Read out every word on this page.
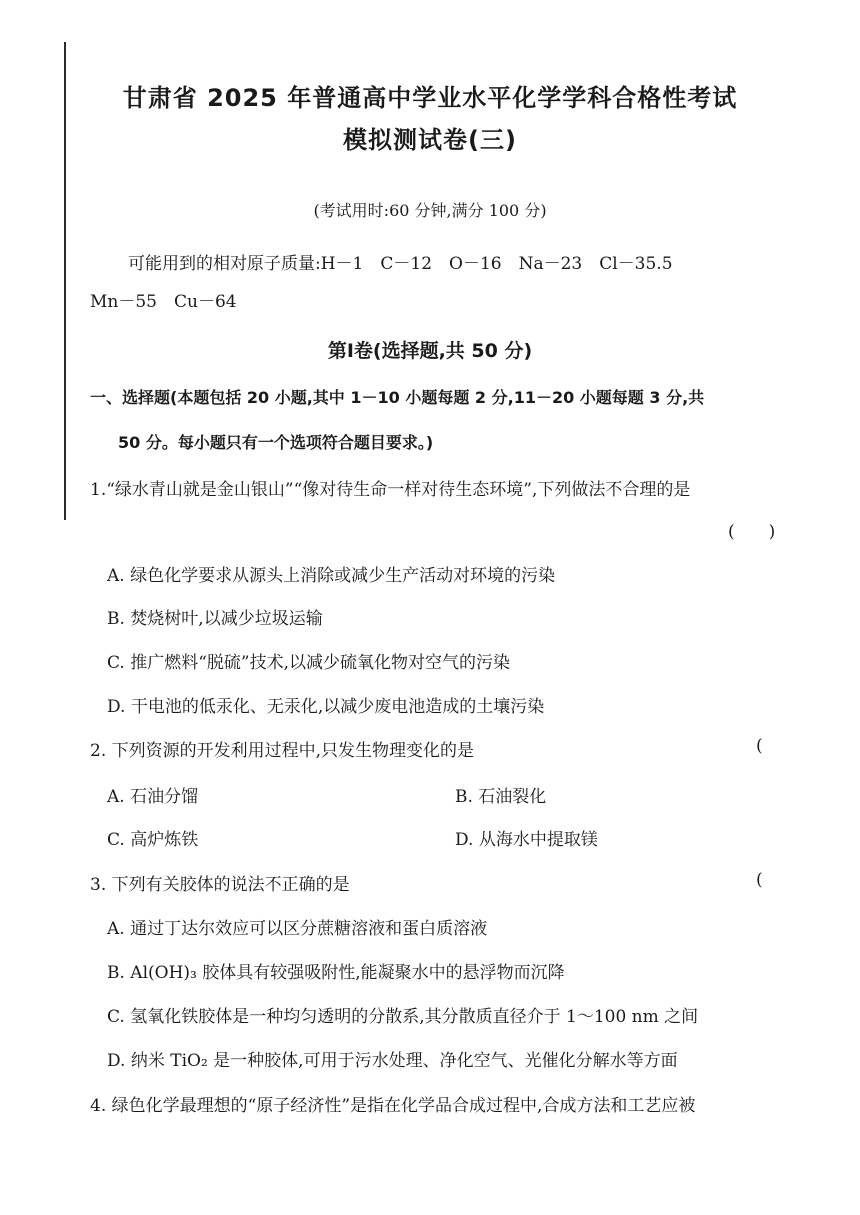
甘肃省 2025 年普通高中学业水平化学学科合格性考试
模拟测试卷(三)
(考试用时:60 分钟,满分 100 分)
可能用到的相对原子质量:H－1　C－12　O－16　Na－23　Cl－35.5
Mn－55　Cu－64
第Ⅰ卷(选择题,共 50 分)
一、选择题(本题包括 20 小题,其中 1－10 小题每题 2 分,11－20 小题每题 3 分,共
50 分。每小题只有一个选项符合题目要求。)
1.“绿水青山就是金山银山”“像对待生命一样对待生态环境”,下列做法不合理的是
(　　)
A. 绿色化学要求从源头上消除或减少生产活动对环境的污染
B. 焚烧树叶,以减少垃圾运输
C. 推广燃料“脱硫”技术,以减少硫氧化物对空气的污染
D. 干电池的低汞化、无汞化,以减少废电池造成的土壤污染
2. 下列资源的开发利用过程中,只发生物理变化的是	(
A. 石油分馏	B. 石油裂化
C. 高炉炼铁	D. 从海水中提取镁
3. 下列有关胶体的说法不正确的是	(
A. 通过丁达尔效应可以区分蔗糖溶液和蛋白质溶液
B. Al(OH)₃ 胶体具有较强吸附性,能凝聚水中的悬浮物而沉降
C. 氢氧化铁胶体是一种均匀透明的分散系,其分散质直径介于 1～100 nm 之间
D. 纳米 TiO₂ 是一种胶体,可用于污水处理、净化空气、光催化分解水等方面
4. 绿色化学最理想的“原子经济性”是指在化学品合成过程中,合成方法和工艺应被
